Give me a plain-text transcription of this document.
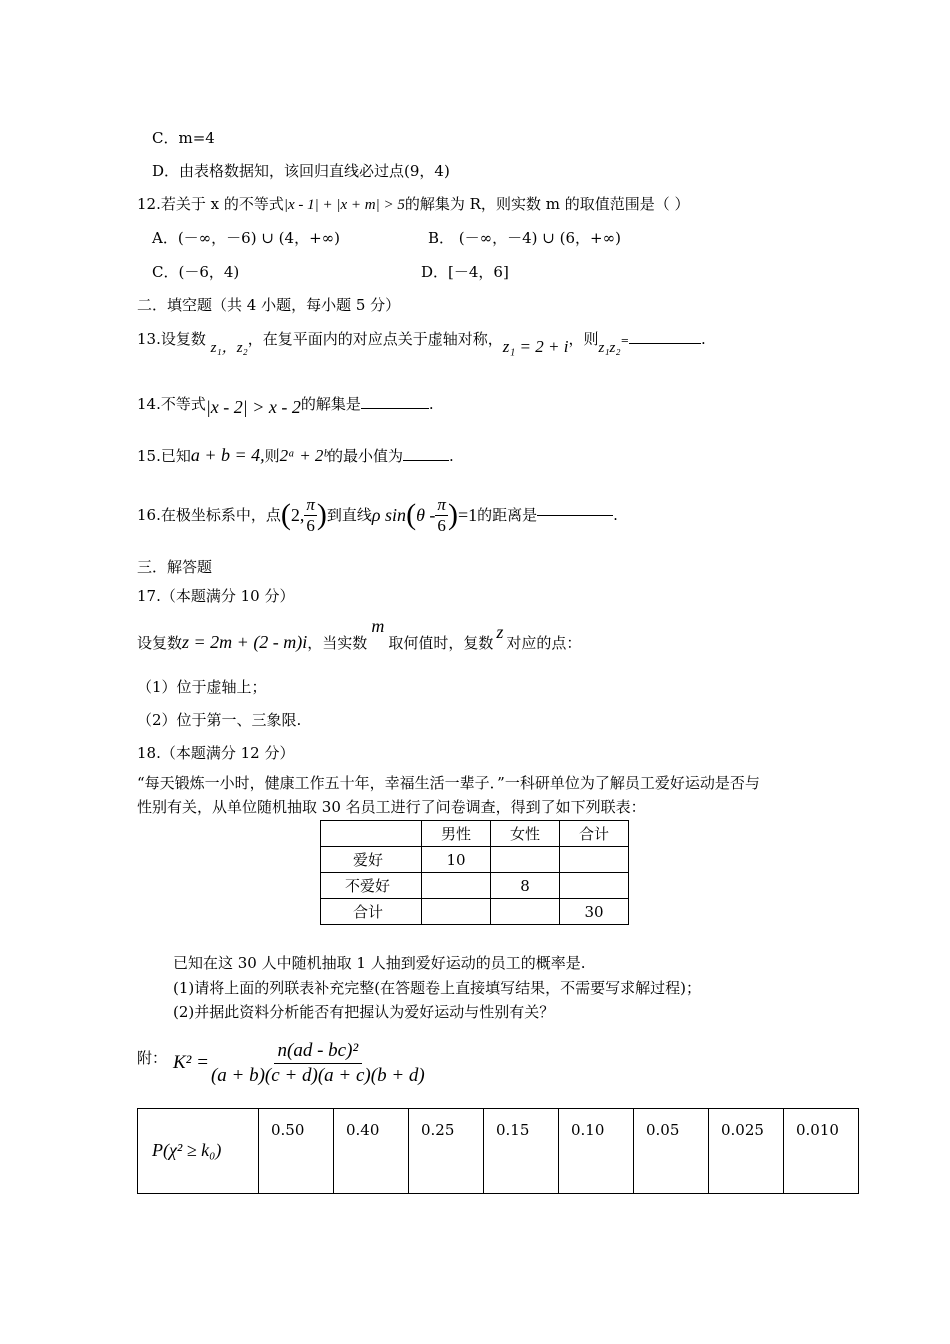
C．m=4
D．由表格数据知，该回归直线必过点(9，4)
12.若关于 x 的不等式|x - 1| + |x + m| > 5的解集为 R，则实数 m 的取值范围是（ ）
A．(－∞，－6) ∪ (4，+∞)	B． (－∞，－4) ∪ (6，+∞)
C．(－6，4)	D．[－4，6]
二．填空题（共 4 小题，每小题 5 分）
13.设复数 z₁，z₂，在复平面内的对应点关于虚轴对称，z₁ = 2 + i，则z₁z₂=	.
14.不等式|x - 2| > x - 2的解集是	.
15.已知a + b = 4,则2ᵃ + 2ᵇ的最小值为	.
16.在极坐标系中，点(2, $\frac{\pi}{6}$ )到直线ρ $\sin(\theta - \frac{\pi}{6} )=1$的距离是	.
三．解答题
17.（本题满分 10 分）
设复数z = 2m + (2 - m)i，当实数m取何值时，复数z对应的点：
（1）位于虚轴上；
（2）位于第一、三象限.
18.（本题满分 12 分）
“每天锻炼一小时，健康工作五十年，幸福生活一辈子．”一科研单位为了解员工爱好运动是否与
性别有关，从单位随机抽取 30 名员工进行了问卷调查，得到了如下列联表：
	男性	女性	合计
爱好	10		
不爱好		8	
合计			30
已知在这 30 人中随机抽取 1 人抽到爱好运动的员工的概率是.
(1)请将上面的列联表补充完整(在答题卷上直接填写结果，不需要写求解过程)；
(2)并据此资料分析能否有把握认为爱好运动与性别有关？
附： $K^2 = \frac{\text{n(ad - bc)²}}{(a + b)(c + d)(a + c)(b + d)}$
P(χ² ≥ k₀)	0.50	0.40	0.25	0.15	0.10	0.05	0.025	0.010
